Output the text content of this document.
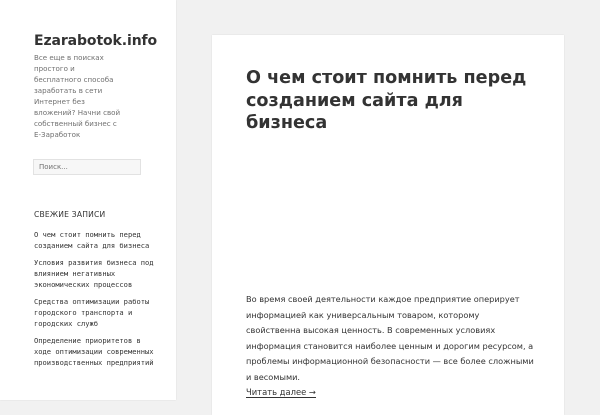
Ezarabotok.info
Все еще в поисках простого и бесплатного способа заработать в сети Интернет без вложений? Начни свой собственный бизнес с Е-Заработок
Поиск...
СВЕЖИЕ ЗАПИСИ
О чем стоит помнить перед созданием сайта для бизнеса
Условия развития бизнеса под влиянием негативных экономических процессов
Средства оптимизации работы городского транспорта и городских служб
Определение приоритетов в ходе оптимизации современных производственных предприятий
О чем стоит помнить перед созданием сайта для бизнеса

Во время своей деятельности каждое предприятие оперирует информацией как универсальным товаром, которому свойственна высокая ценность. В современных условиях информация становится наиболее ценным и дорогим ресурсом, а проблемы информационной безопасности — все более сложными и весомыми.

Читать далее →
